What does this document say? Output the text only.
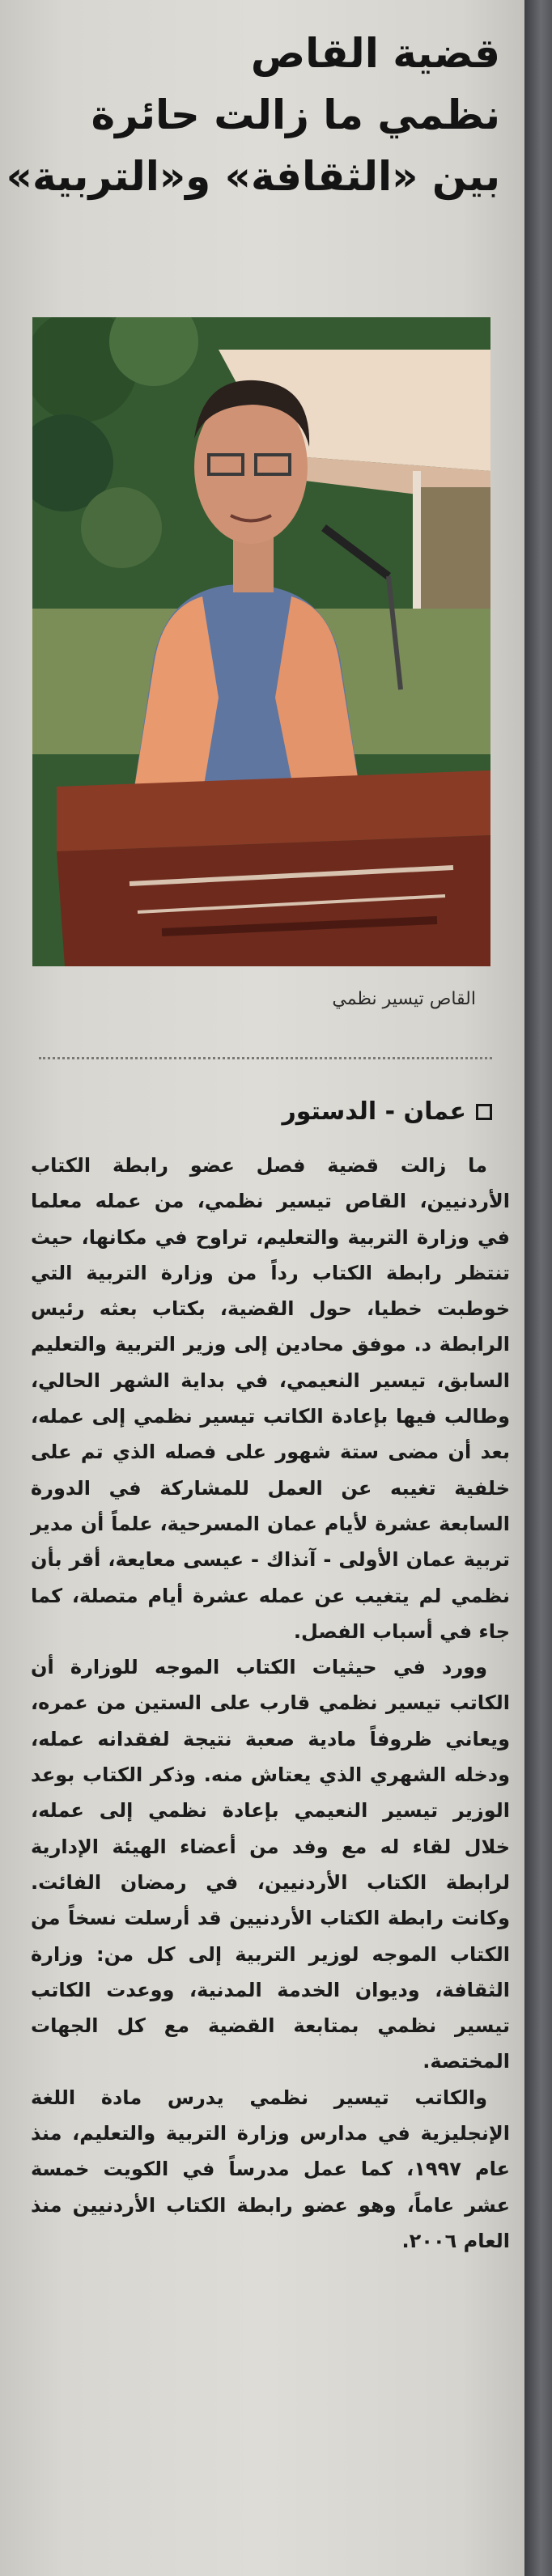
قضية القاص
نظمي ما زالت حائرة
بين «الثقافة» و«التربية»
القاص تيسير نظمي
عمان - الدستور

ما زالت قضية فصل عضو رابطة الكتاب الأردنيين، القاص تيسير نظمي، من عمله معلما في وزارة التربية والتعليم، تراوح في مكانها، حيث تنتظر رابطة الكتاب رداً من وزارة التربية التي خوطبت خطيا، حول القضية، بكتاب بعثه رئيس الرابطة د. موفق محادين إلى وزير التربية والتعليم السابق، تيسير النعيمي، في بداية الشهر الحالي، وطالب فيها بإعادة الكاتب تيسير نظمي إلى عمله، بعد أن مضى ستة شهور على فصله الذي تم على خلفية تغيبه عن العمل للمشاركة في الدورة السابعة عشرة لأيام عمان المسرحية، علماً أن مدير تربية عمان الأولى - آنذاك - عيسى معايعة، أقر بأن نظمي لم يتغيب عن عمله عشرة أيام متصلة، كما جاء في أسباب الفصل.

وورد في حيثيات الكتاب الموجه للوزارة أن الكاتب تيسير نظمي قارب على الستين من عمره، ويعاني ظروفاً مادية صعبة نتيجة لفقدانه عمله، ودخله الشهري الذي يعتاش منه. وذكر الكتاب بوعد الوزير تيسير النعيمي بإعادة نظمي إلى عمله، خلال لقاء له مع وفد من أعضاء الهيئة الإدارية لرابطة الكتاب الأردنيين، في رمضان الفائت. وكانت رابطة الكتاب الأردنيين قد أرسلت نسخاً من الكتاب الموجه لوزير التربية إلى كل من: وزارة الثقافة، وديوان الخدمة المدنية، ووعدت الكاتب تيسير نظمي بمتابعة القضية مع كل الجهات المختصة.

والكاتب تيسير نظمي يدرس مادة اللغة الإنجليزية في مدارس وزارة التربية والتعليم، منذ عام ١٩٩٧، كما عمل مدرساً في الكويت خمسة عشر عاماً، وهو عضو رابطة الكتاب الأردنيين منذ العام ٢٠٠٦.
